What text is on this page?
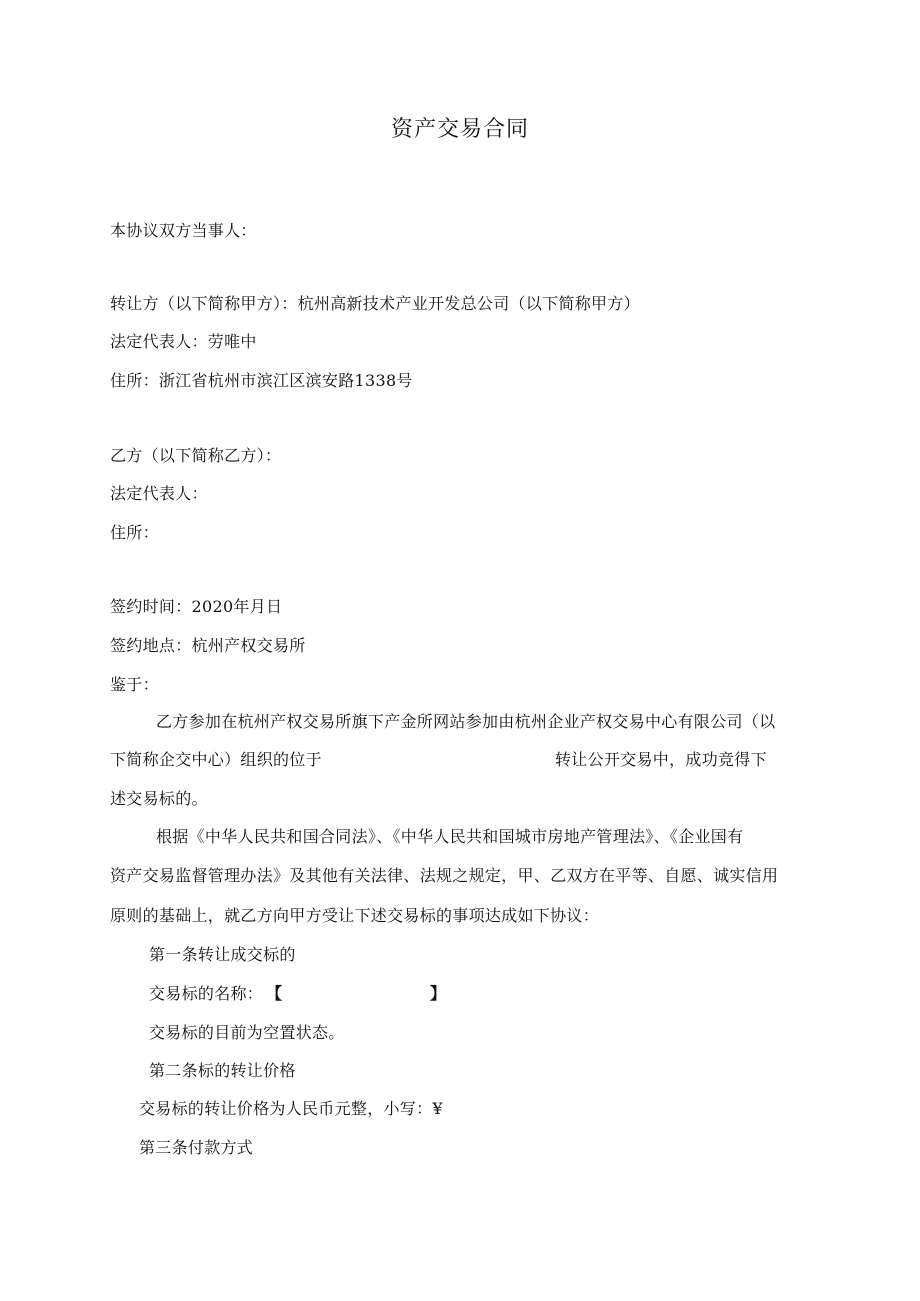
资产交易合同
本协议双方当事人：
转让方（以下简称甲方）：杭州高新技术产业开发总公司（以下简称甲方）
法定代表人：劳唯中
住所：浙江省杭州市滨江区滨安路1338号
乙方（以下简称乙方）：
法定代表人：
住所：
签约时间：2020年月日
签约地点：杭州产权交易所
鉴于：
乙方参加在杭州产权交易所旗下产金所网站参加由杭州企业产权交易中心有限公司（以
下简称企交中心）组织的位于	转让公开交易中，成功竞得下
述交易标的。
根据《中华人民共和国合同法》、《中华人民共和国城市房地产管理法》、《企业国有
资产交易监督管理办法》及其他有关法律、法规之规定，甲、乙双方在平等、自愿、诚实信用
原则的基础上，就乙方向甲方受让下述交易标的事项达成如下协议：
第一条转让成交标的
交易标的名称： 【	】
交易标的目前为空置状态。
第二条标的转让价格
交易标的转让价格为人民币元整，小写：¥
第三条付款方式
